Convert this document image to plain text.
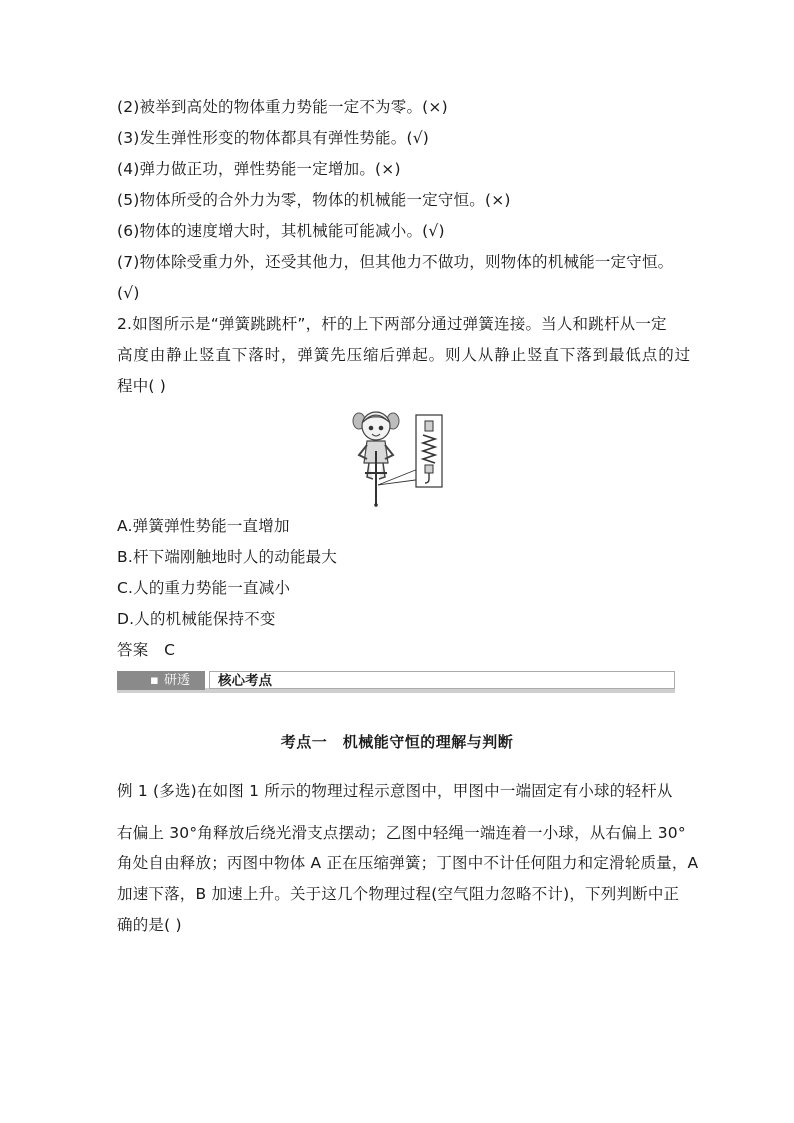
(2)被举到高处的物体重力势能一定不为零。(×)
(3)发生弹性形变的物体都具有弹性势能。(√)
(4)弹力做正功，弹性势能一定增加。(×)
(5)物体所受的合外力为零，物体的机械能一定守恒。(×)
(6)物体的速度增大时，其机械能可能减小。(√)
(7)物体除受重力外，还受其他力，但其他力不做功，则物体的机械能一定守恒。
(√)
2.如图所示是“弹簧跳跳杆”，杆的上下两部分通过弹簧连接。当人和跳杆从一定
高度由静止竖直下落时，弹簧先压缩后弹起。则人从静止竖直下落到最低点的过
程中( )
A.弹簧弹性势能一直增加
B.杆下端刚触地时人的动能最大
C.人的重力势能一直减小
D.人的机械能保持不变
答案　C
▪ 研透	核心考点
考点一　机械能守恒的理解与判断
例 1 (多选)在如图 1 所示的物理过程示意图中，甲图中一端固定有小球的轻杆从
右偏上 30°角释放后绕光滑支点摆动；乙图中轻绳一端连着一小球，从右偏上 30°
角处自由释放；丙图中物体 A 正在压缩弹簧；丁图中不计任何阻力和定滑轮质量，A
加速下落，B 加速上升。关于这几个物理过程(空气阻力忽略不计)，下列判断中正
确的是( )
